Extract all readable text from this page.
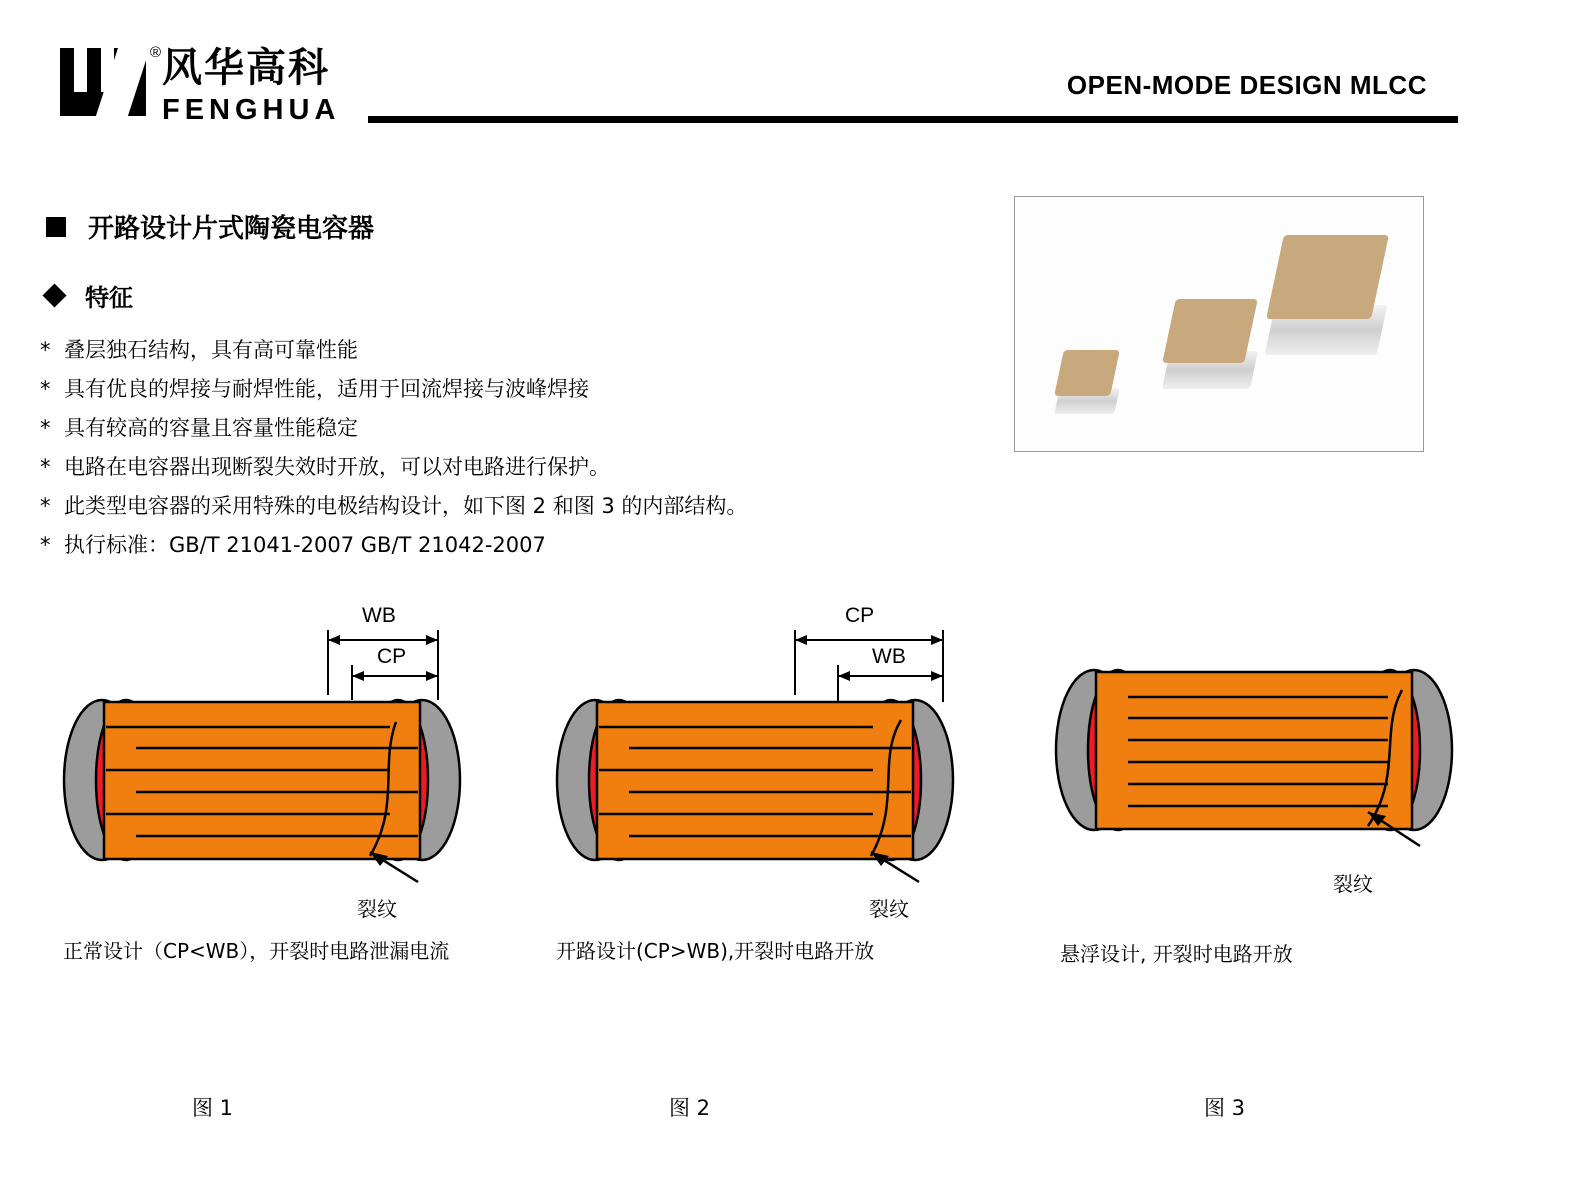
风华高科
FENGHUA
®
OPEN-MODE DESIGN MLCC
开路设计片式陶瓷电容器
特征
* 叠层独石结构，具有高可靠性能
* 具有优良的焊接与耐焊性能，适用于回流焊接与波峰焊接
* 具有较高的容量且容量性能稳定
* 电路在电容器出现断裂失效时开放，可以对电路进行保护。
* 此类型电容器的采用特殊的电极结构设计，如下图 2 和图 3 的内部结构。
* 执行标准：GB/T 21041-2007 GB/T 21042-2007
WB
CP
裂纹
正常设计（CP<WB），开裂时电路泄漏电流
图 1
CP
WB
裂纹
开路设计(CP>WB),开裂时电路开放
图 2
裂纹
悬浮设计, 开裂时电路开放
图 3
